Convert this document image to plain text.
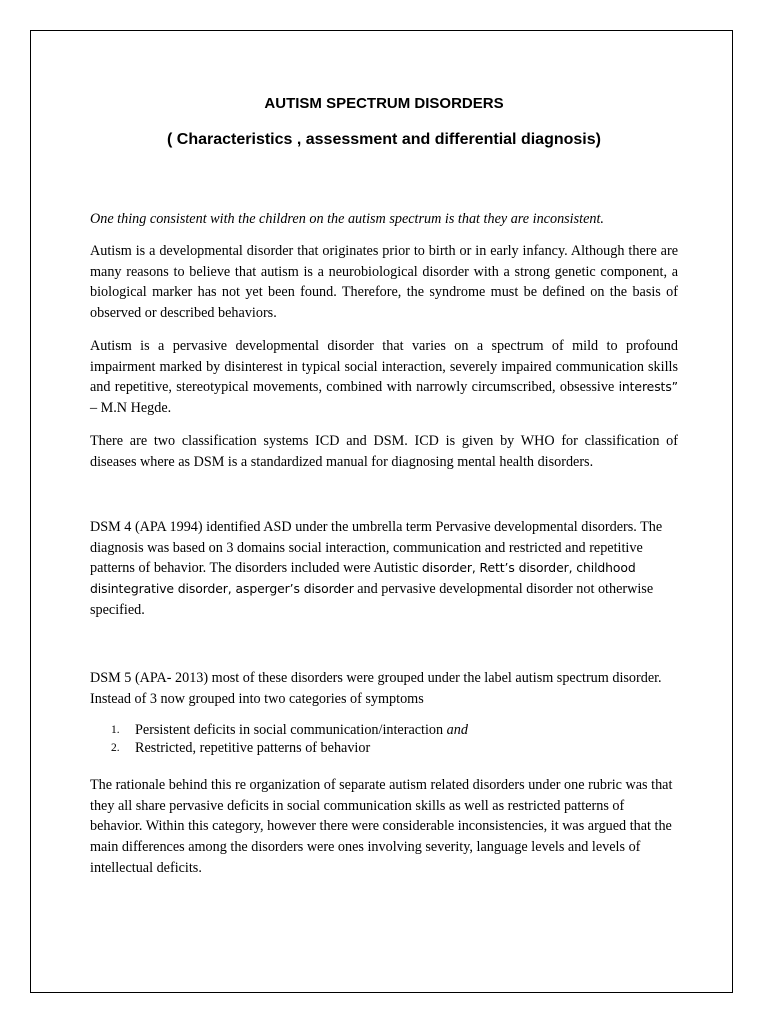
AUTISM SPECTRUM DISORDERS
( Characteristics , assessment and differential diagnosis)

One thing consistent with the children on the autism spectrum is that they are inconsistent.

Autism is a developmental disorder that originates prior to birth or in early infancy. Although there are many reasons to believe that autism is a neurobiological disorder with a strong genetic component, a biological marker has not yet been found. Therefore, the syndrome must be defined on the basis of observed or described behaviors.

Autism is a pervasive developmental disorder that varies on a spectrum of mild to profound impairment marked by disinterest in typical social interaction, severely impaired communication skills and repetitive, stereotypical movements, combined with narrowly circumscribed, obsessive interests” – M.N Hegde.

There are two classification systems ICD and DSM. ICD is given by WHO for classification of diseases where as DSM is a standardized manual for diagnosing mental health disorders.

DSM 4 (APA 1994) identified ASD under the umbrella term Pervasive developmental disorders. The diagnosis was based on 3 domains social interaction, communication and restricted and repetitive patterns of behavior. The disorders included were Autistic disorder, Rett’s disorder, childhood disintegrative disorder, asperger’s disorder and pervasive developmental disorder not otherwise specified.

DSM 5 (APA- 2013) most of these disorders were grouped under the label autism spectrum disorder. Instead of 3 now grouped into two categories of symptoms

1. Persistent deficits in social communication/interaction and
2. Restricted, repetitive patterns of behavior

The rationale behind this re organization of separate autism related disorders under one rubric was that they all share pervasive deficits in social communication skills as well as restricted patterns of behavior. Within this category, however there were considerable inconsistencies, it was argued that the main differences among the disorders were ones involving severity, language levels and levels of intellectual deficits.
